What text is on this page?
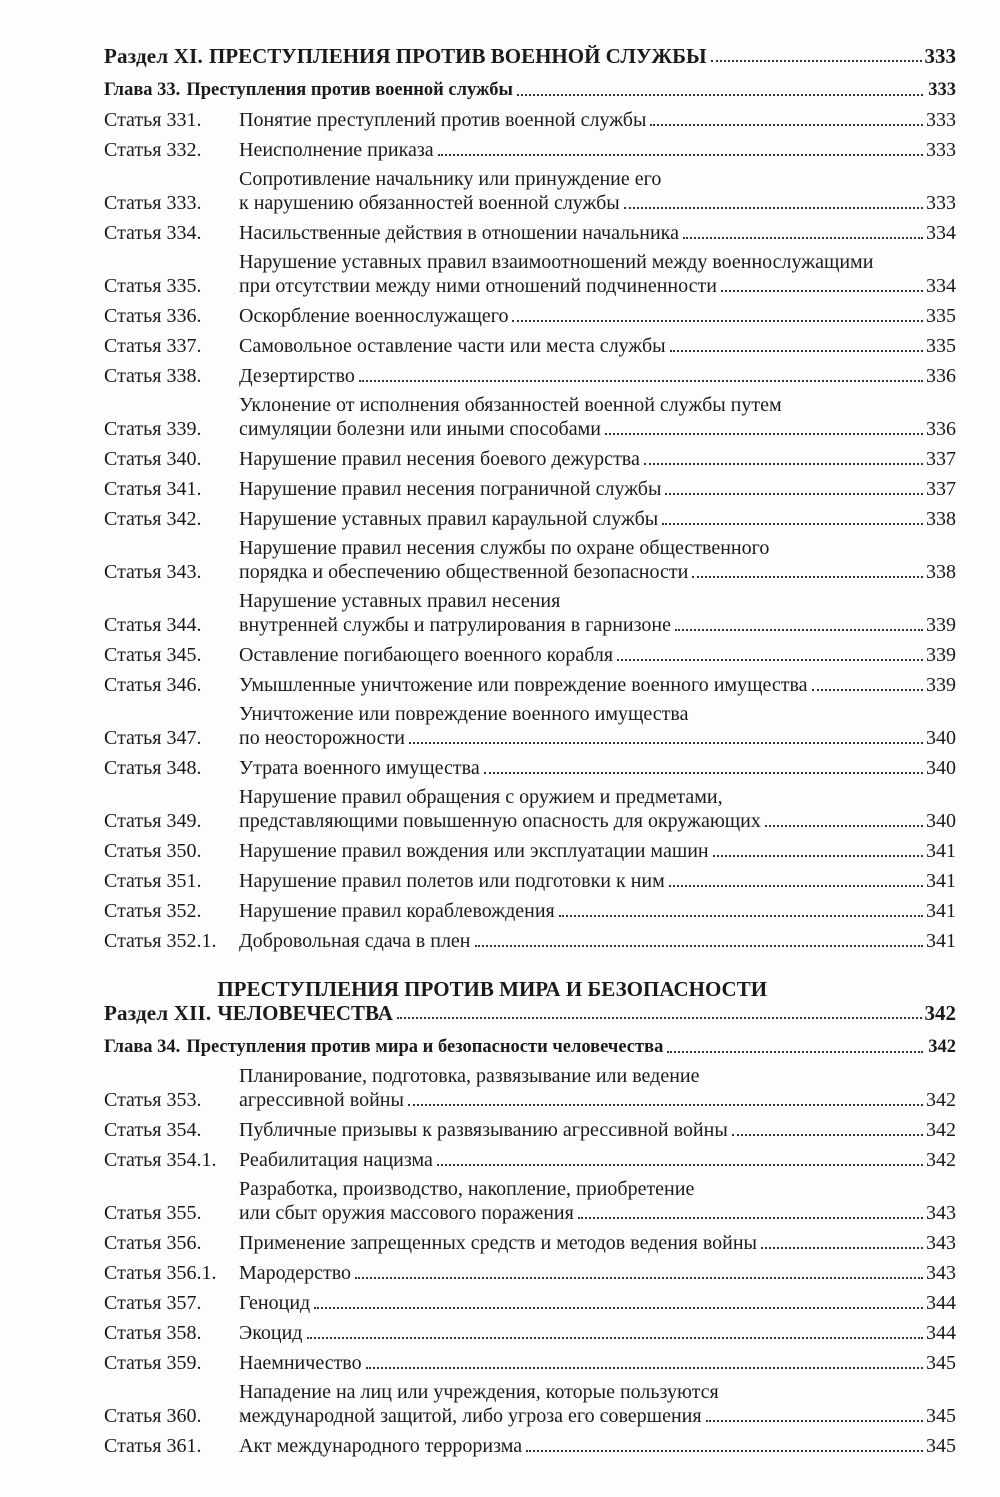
Раздел XI. ПРЕСТУПЛЕНИЯ ПРОТИВ ВОЕННОЙ СЛУЖБЫ	333
Глава 33. Преступления против военной службы	333
Статья 331.	Понятие преступлений против военной службы	333
Статья 332.	Неисполнение приказа	333
Статья 333.
Сопротивление начальнику или принуждение его
к нарушению обязанностей военной службы	333
Статья 334.	Насильственные действия в отношении начальника	334
Статья 335.
Нарушение уставных правил взаимоотношений между военнослужащими
при отсутствии между ними отношений подчиненности	334
Статья 336.	Оскорбление военнослужащего	335
Статья 337.	Самовольное оставление части или места службы	335
Статья 338.	Дезертирство	336
Статья 339.
Уклонение от исполнения обязанностей военной службы путем
симуляции болезни или иными способами	336
Статья 340.	Нарушение правил несения боевого дежурства	337
Статья 341.	Нарушение правил несения пограничной службы	337
Статья 342.	Нарушение уставных правил караульной службы	338
Статья 343.
Нарушение правил несения службы по охране общественного
порядка и обеспечению общественной безопасности	338
Статья 344.
Нарушение уставных правил несения
внутренней службы и патрулирования в гарнизоне	339
Статья 345.	Оставление погибающего военного корабля	339
Статья 346.	Умышленные уничтожение или повреждение военного имущества	339
Статья 347.
Уничтожение или повреждение военного имущества
по неосторожности	340
Статья 348.	Утрата военного имущества	340
Статья 349.
Нарушение правил обращения с оружием и предметами,
представляющими повышенную опасность для окружающих	340
Статья 350.	Нарушение правил вождения или эксплуатации машин	341
Статья 351.	Нарушение правил полетов или подготовки к ним	341
Статья 352.	Нарушение правил кораблевождения	341
Статья 352.1.	Добровольная сдача в плен	341
Раздел XII.
ПРЕСТУПЛЕНИЯ ПРОТИВ МИРА И БЕЗОПАСНОСТИ
ЧЕЛОВЕЧЕСТВА	342
Глава 34. Преступления против мира и безопасности человечества	342
Статья 353.
Планирование, подготовка, развязывание или ведение
агрессивной войны	342
Статья 354.	Публичные призывы к развязыванию агрессивной войны	342
Статья 354.1.	Реабилитация нацизма	342
Статья 355.
Разработка, производство, накопление, приобретение
или сбыт оружия массового поражения	343
Статья 356.	Применение запрещенных средств и методов ведения войны	343
Статья 356.1.	Мародерство	343
Статья 357.	Геноцид	344
Статья 358.	Экоцид	344
Статья 359.	Наемничество	345
Статья 360.
Нападение на лиц или учреждения, которые пользуются
международной защитой, либо угроза его совершения	345
Статья 361.	Акт международного терроризма	345
